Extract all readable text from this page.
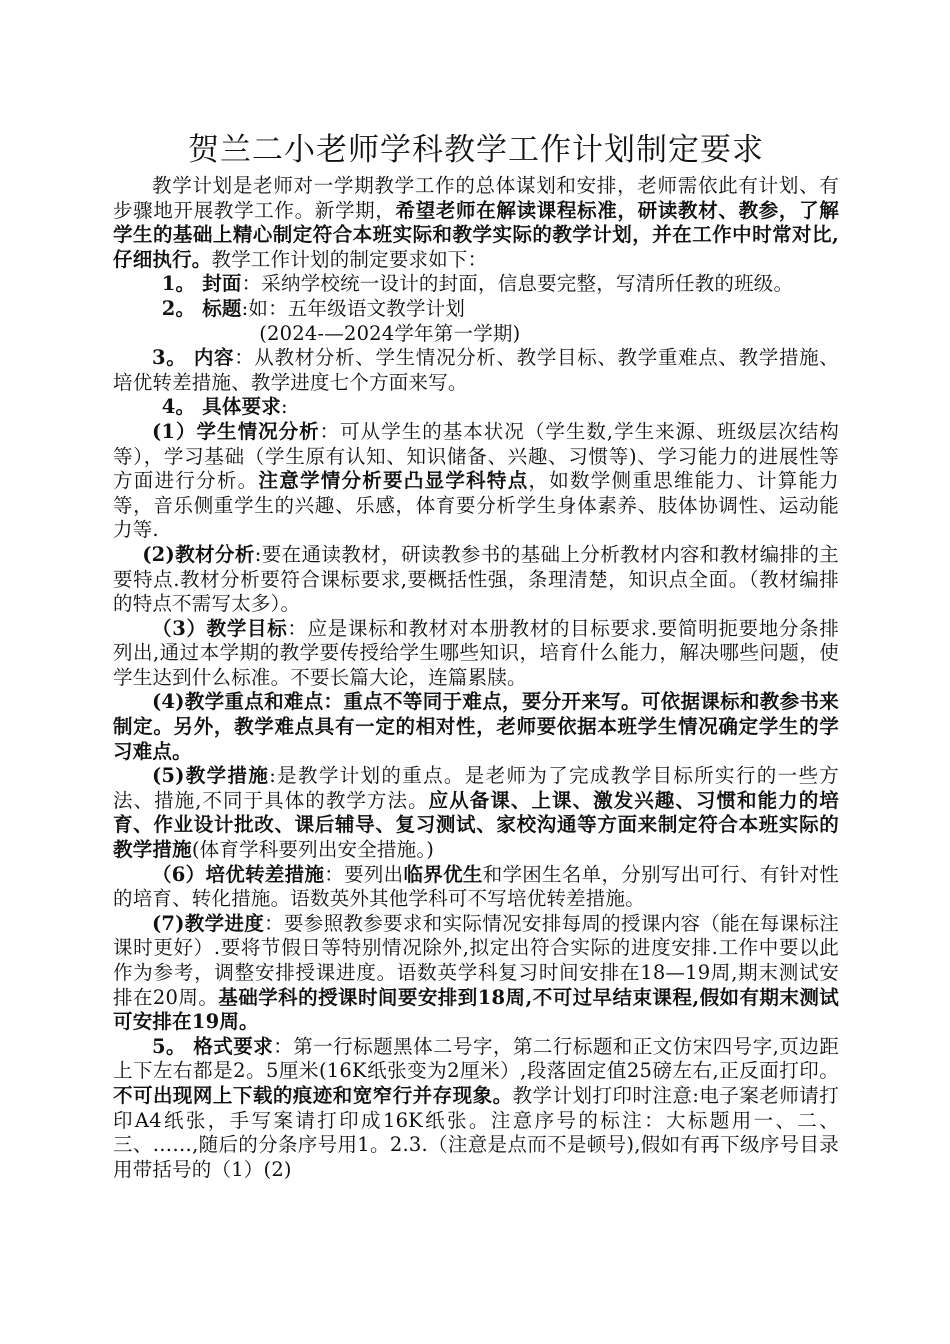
贺兰二小老师学科教学工作计划制定要求

教学计划是老师对一学期教学工作的总体谋划和安排，老师需依此有计划、有步骤地开展教学工作。新学期，希望老师在解读课程标准，研读教材、教参，了解学生的基础上精心制定符合本班实际和教学实际的教学计划，并在工作中时常对比,仔细执行。教学工作计划的制定要求如下：

1。 封面：采纳学校统一设计的封面，信息要完整，写清所任教的班级。

2。 标题:如：五年级语文教学计划

(2024-—2024学年第一学期)

3。 内容：从教材分析、学生情况分析、教学目标、教学重难点、教学措施、培优转差措施、教学进度七个方面来写。

4。 具体要求:

(1）学生情况分析：可从学生的基本状况（学生数,学生来源、班级层次结构等），学习基础（学生原有认知、知识储备、兴趣、习惯等)、学习能力的进展性等方面进行分析。注意学情分析要凸显学科特点，如数学侧重思维能力、计算能力等，音乐侧重学生的兴趣、乐感，体育要分析学生身体素养、肢体协调性、运动能力等.

(2)教材分析:要在通读教材，研读教参书的基础上分析教材内容和教材编排的主要特点.教材分析要符合课标要求,要概括性强，条理清楚，知识点全面。（教材编排的特点不需写太多）。

（3）教学目标：应是课标和教材对本册教材的目标要求.要简明扼要地分条排列出,通过本学期的教学要传授给学生哪些知识，培育什么能力，解决哪些问题，使学生达到什么标准。不要长篇大论，连篇累牍。

(4)教学重点和难点：重点不等同于难点，要分开来写。可依据课标和教参书来制定。另外，教学难点具有一定的相对性，老师要依据本班学生情况确定学生的学习难点。

(5)教学措施:是教学计划的重点。是老师为了完成教学目标所实行的一些方法、措施,不同于具体的教学方法。应从备课、上课、激发兴趣、习惯和能力的培育、作业设计批改、课后辅导、复习测试、家校沟通等方面来制定符合本班实际的教学措施(体育学科要列出安全措施。)

（6）培优转差措施：要列出临界优生和学困生名单，分别写出可行、有针对性的培育、转化措施。语数英外其他学科可不写培优转差措施。

(7)教学进度：要参照教参要求和实际情况安排每周的授课内容（能在每课标注课时更好）.要将节假日等特别情况除外,拟定出符合实际的进度安排.工作中要以此作为参考，调整安排授课进度。语数英学科复习时间安排在18—19周,期末测试安排在20周。基础学科的授课时间要安排到18周,不可过早结束课程,假如有期末测试可安排在19周。

5。 格式要求：第一行标题黑体二号字，第二行标题和正文仿宋四号字,页边距上下左右都是2。5厘米(16K纸张变为2厘米）,段落固定值25磅左右,正反面打印。不可出现网上下载的痕迹和宽窄行并存现象。教学计划打印时注意:电子案老师请打印A4纸张，手写案请打印成16K纸张。注意序号的标注：大标题用一、二、三、……,随后的分条序号用1。2.3.（注意是点而不是顿号),假如有再下级序号目录用带括号的（1）(2)
